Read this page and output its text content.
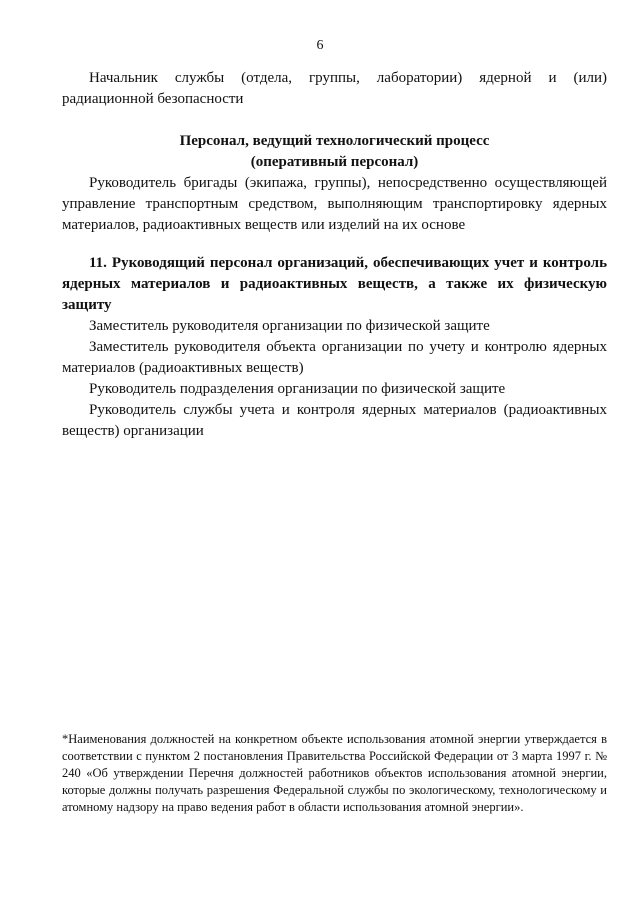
6

Начальник службы (отдела, группы, лаборатории) ядерной и (или) радиационной безопасности

Персонал, ведущий технологический процесс

(оперативный персонал)

Руководитель бригады (экипажа, группы), непосредственно осуществляющей управление транспортным средством, выполняющим транспортировку ядерных материалов, радиоактивных веществ или изделий на их основе

11. Руководящий персонал организаций, обеспечивающих учет и контроль ядерных материалов и радиоактивных веществ, а также их физическую защиту

Заместитель руководителя организации по физической защите

Заместитель руководителя объекта организации по учету и контролю ядерных материалов (радиоактивных веществ)

Руководитель подразделения организации по физической защите

Руководитель службы учета и контроля ядерных материалов (радиоактивных веществ) организации

*Наименования должностей на конкретном объекте использования атомной энергии утверждается в соответствии с пунктом 2 постановления Правительства Российской Федерации от 3 марта 1997 г. № 240 «Об утверждении Перечня должностей работников объектов использования атомной энергии, которые должны получать разрешения Федеральной службы по экологическому, технологическому и атомному надзору на право ведения работ в области использования атомной энергии».
